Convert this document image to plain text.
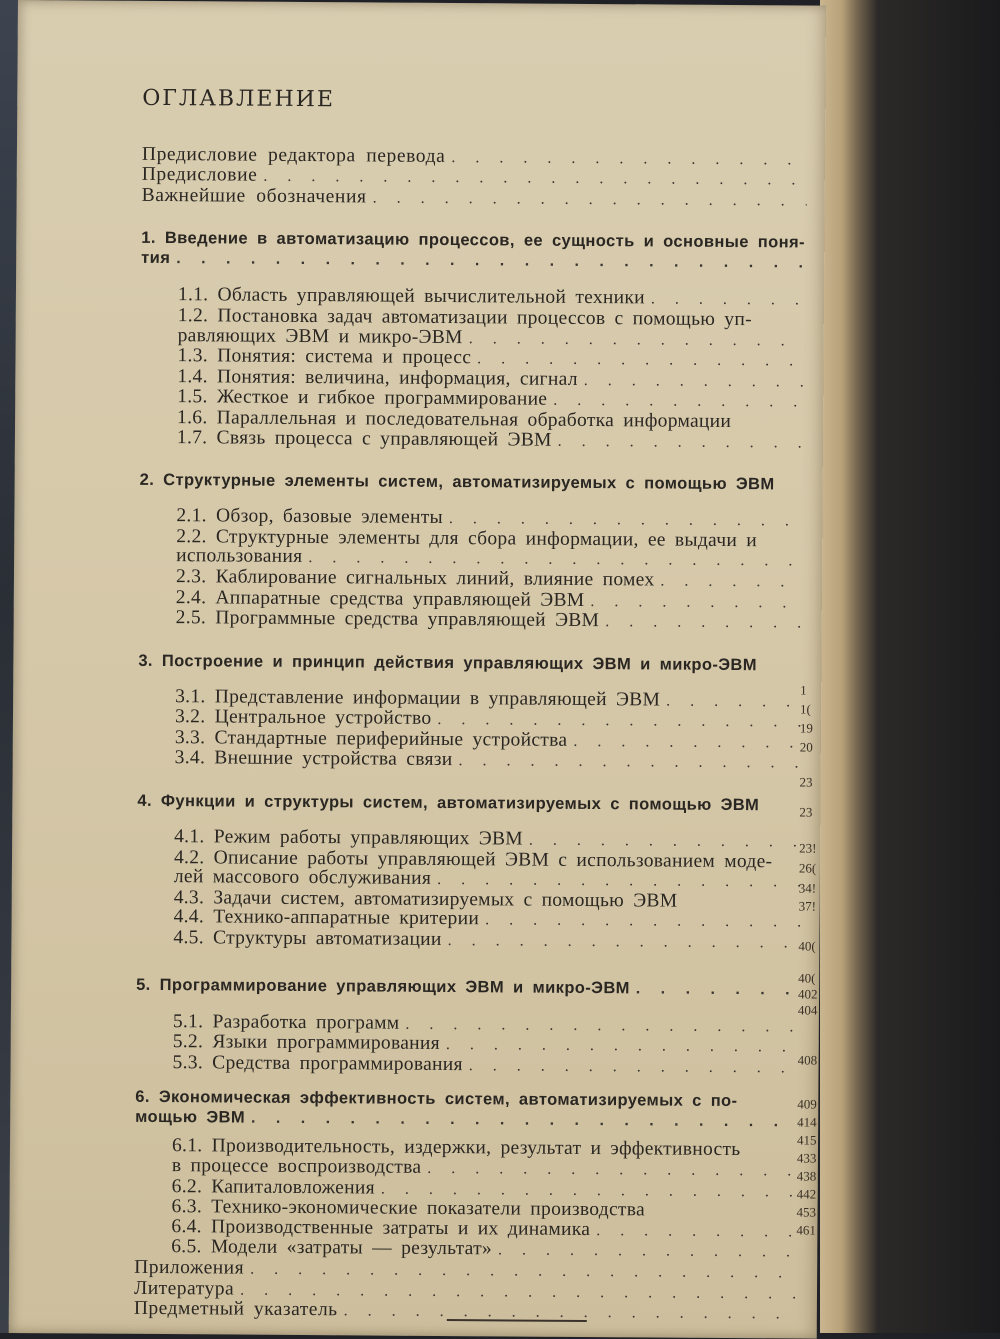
ОГЛАВЛЕНИЕ
Предисловие редактора перевода
. . .
Предисловие
. . .
Важнейшие обозначения
. . .
1. Введение в автоматизацию процессов, ее сущность и основные поня-
тия
. . .
1.1. Область управляющей вычислительной техники
. . .
1.2. Постановка задач автоматизации процессов с помощью уп-
равляющих ЭВМ и микро-ЭВМ
. . .
1.3. Понятия: система и процесс
. . .
1.4. Понятия: величина, информация, сигнал
. . .
1.5. Жесткое и гибкое программирование
. . .
1.6. Параллельная и последовательная обработка информации
1.7. Связь процесса с управляющей ЭВМ
. . .
2. Структурные элементы систем, автоматизируемых с помощью ЭВМ
2.1. Обзор, базовые элементы
. . .
2.2. Структурные элементы для сбора информации, ее выдачи и
использования
. . .
2.3. Каблирование сигнальных линий, влияние помех
. . .
2.4. Аппаратные средства управляющей ЭВМ
. . .
2.5. Программные средства управляющей ЭВМ
. . .
3. Построение и принцип действия управляющих ЭВМ и микро-ЭВМ
3.1. Представление информации в управляющей ЭВМ
. . .
3.2. Центральное устройство
. . .
3.3. Стандартные периферийные устройства
. . .
3.4. Внешние устройства связи
. . .
4. Функции и структуры систем, автоматизируемых с помощью ЭВМ
4.1. Режим работы управляющих ЭВМ
. . .
4.2. Описание работы управляющей ЭВМ с использованием моде-
лей массового обслуживания
. . .
4.3. Задачи систем, автоматизируемых с помощью ЭВМ
4.4. Технико-аппаратные критерии
. . .
4.5. Структуры автоматизации
. . .
5. Программирование управляющих ЭВМ и микро-ЭВМ
. . .
5.1. Разработка программ
. . .
5.2. Языки программирования
. . .
5.3. Средства программирования
. . .
6. Экономическая эффективность систем, автоматизируемых с по-
мощью ЭВМ
. . .
6.1. Производительность, издержки, результат и эффективность
в процессе воспроизводства
. . .
6.2. Капиталовложения
. . .
6.3. Технико-экономические показатели производства
6.4. Производственные затраты и их динамика
. . .
6.5. Модели «затраты — результат»
. . .
Приложения
. . .
Литература
. . .
Предметный указатель
. . .
1
1(
19
20
23
23
23!
26(
34!
37!
40(
40(
402
404
408
409
414
415
433
438
442
453
461
